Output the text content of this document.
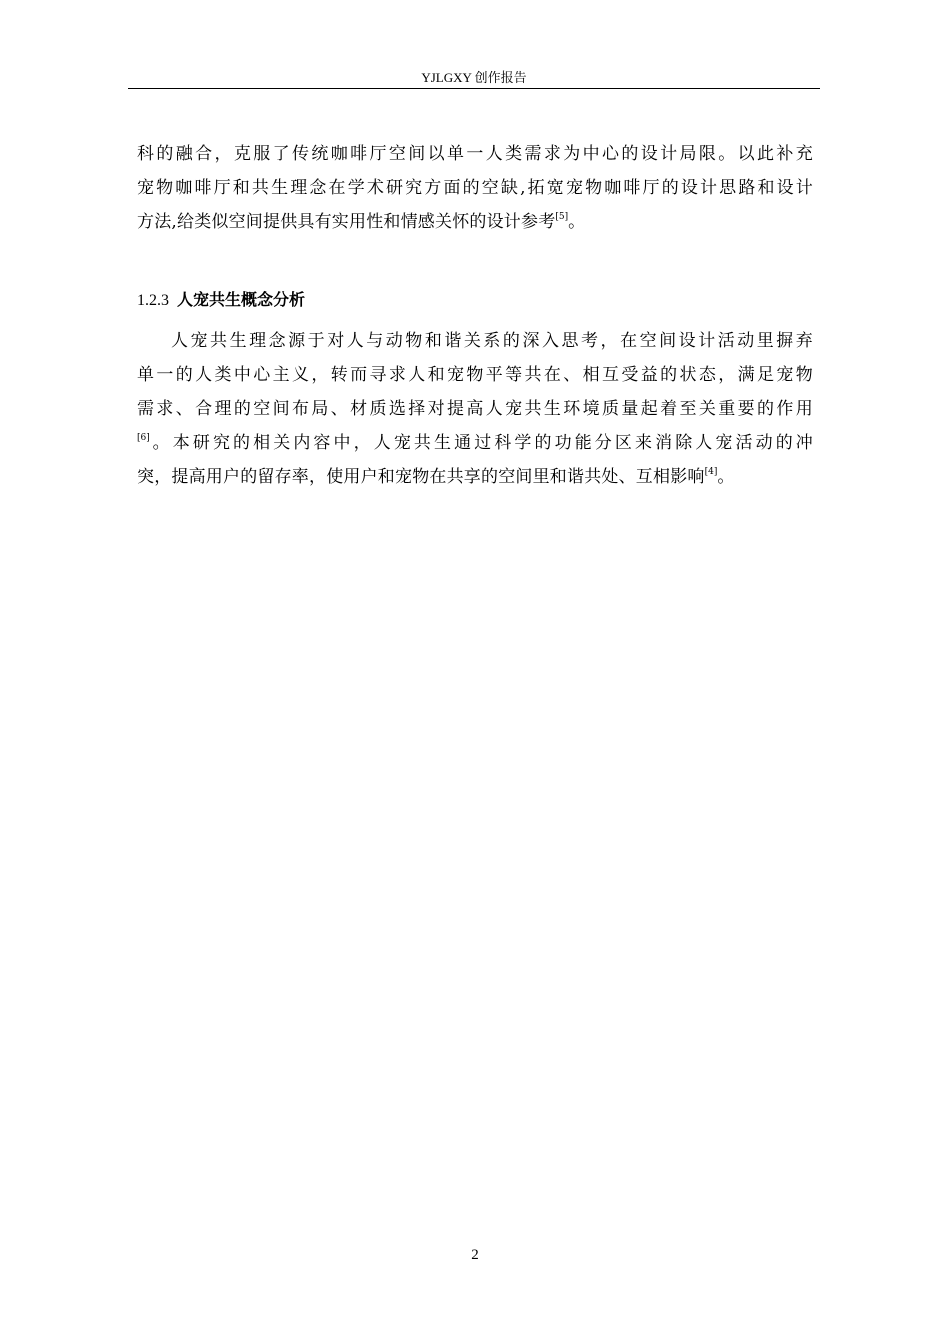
YJLGXY 创作报告
科的融合，克服了传统咖啡厅空间以单一人类需求为中心的设计局限。以此补充
宠物咖啡厅和共生理念在学术研究方面的空缺,拓宽宠物咖啡厅的设计思路和设计
方法,给类似空间提供具有实用性和情感关怀的设计参考[5]。
1.2.3 人宠共生概念分析
人宠共生理念源于对人与动物和谐关系的深入思考，在空间设计活动里摒弃
单一的人类中心主义，转而寻求人和宠物平等共在、相互受益的状态，满足宠物
需求、合理的空间布局、材质选择对提高人宠共生环境质量起着至关重要的作用
[6]。本研究的相关内容中，人宠共生通过科学的功能分区来消除人宠活动的冲
突，提高用户的留存率，使用户和宠物在共享的空间里和谐共处、互相影响[4]。
2
